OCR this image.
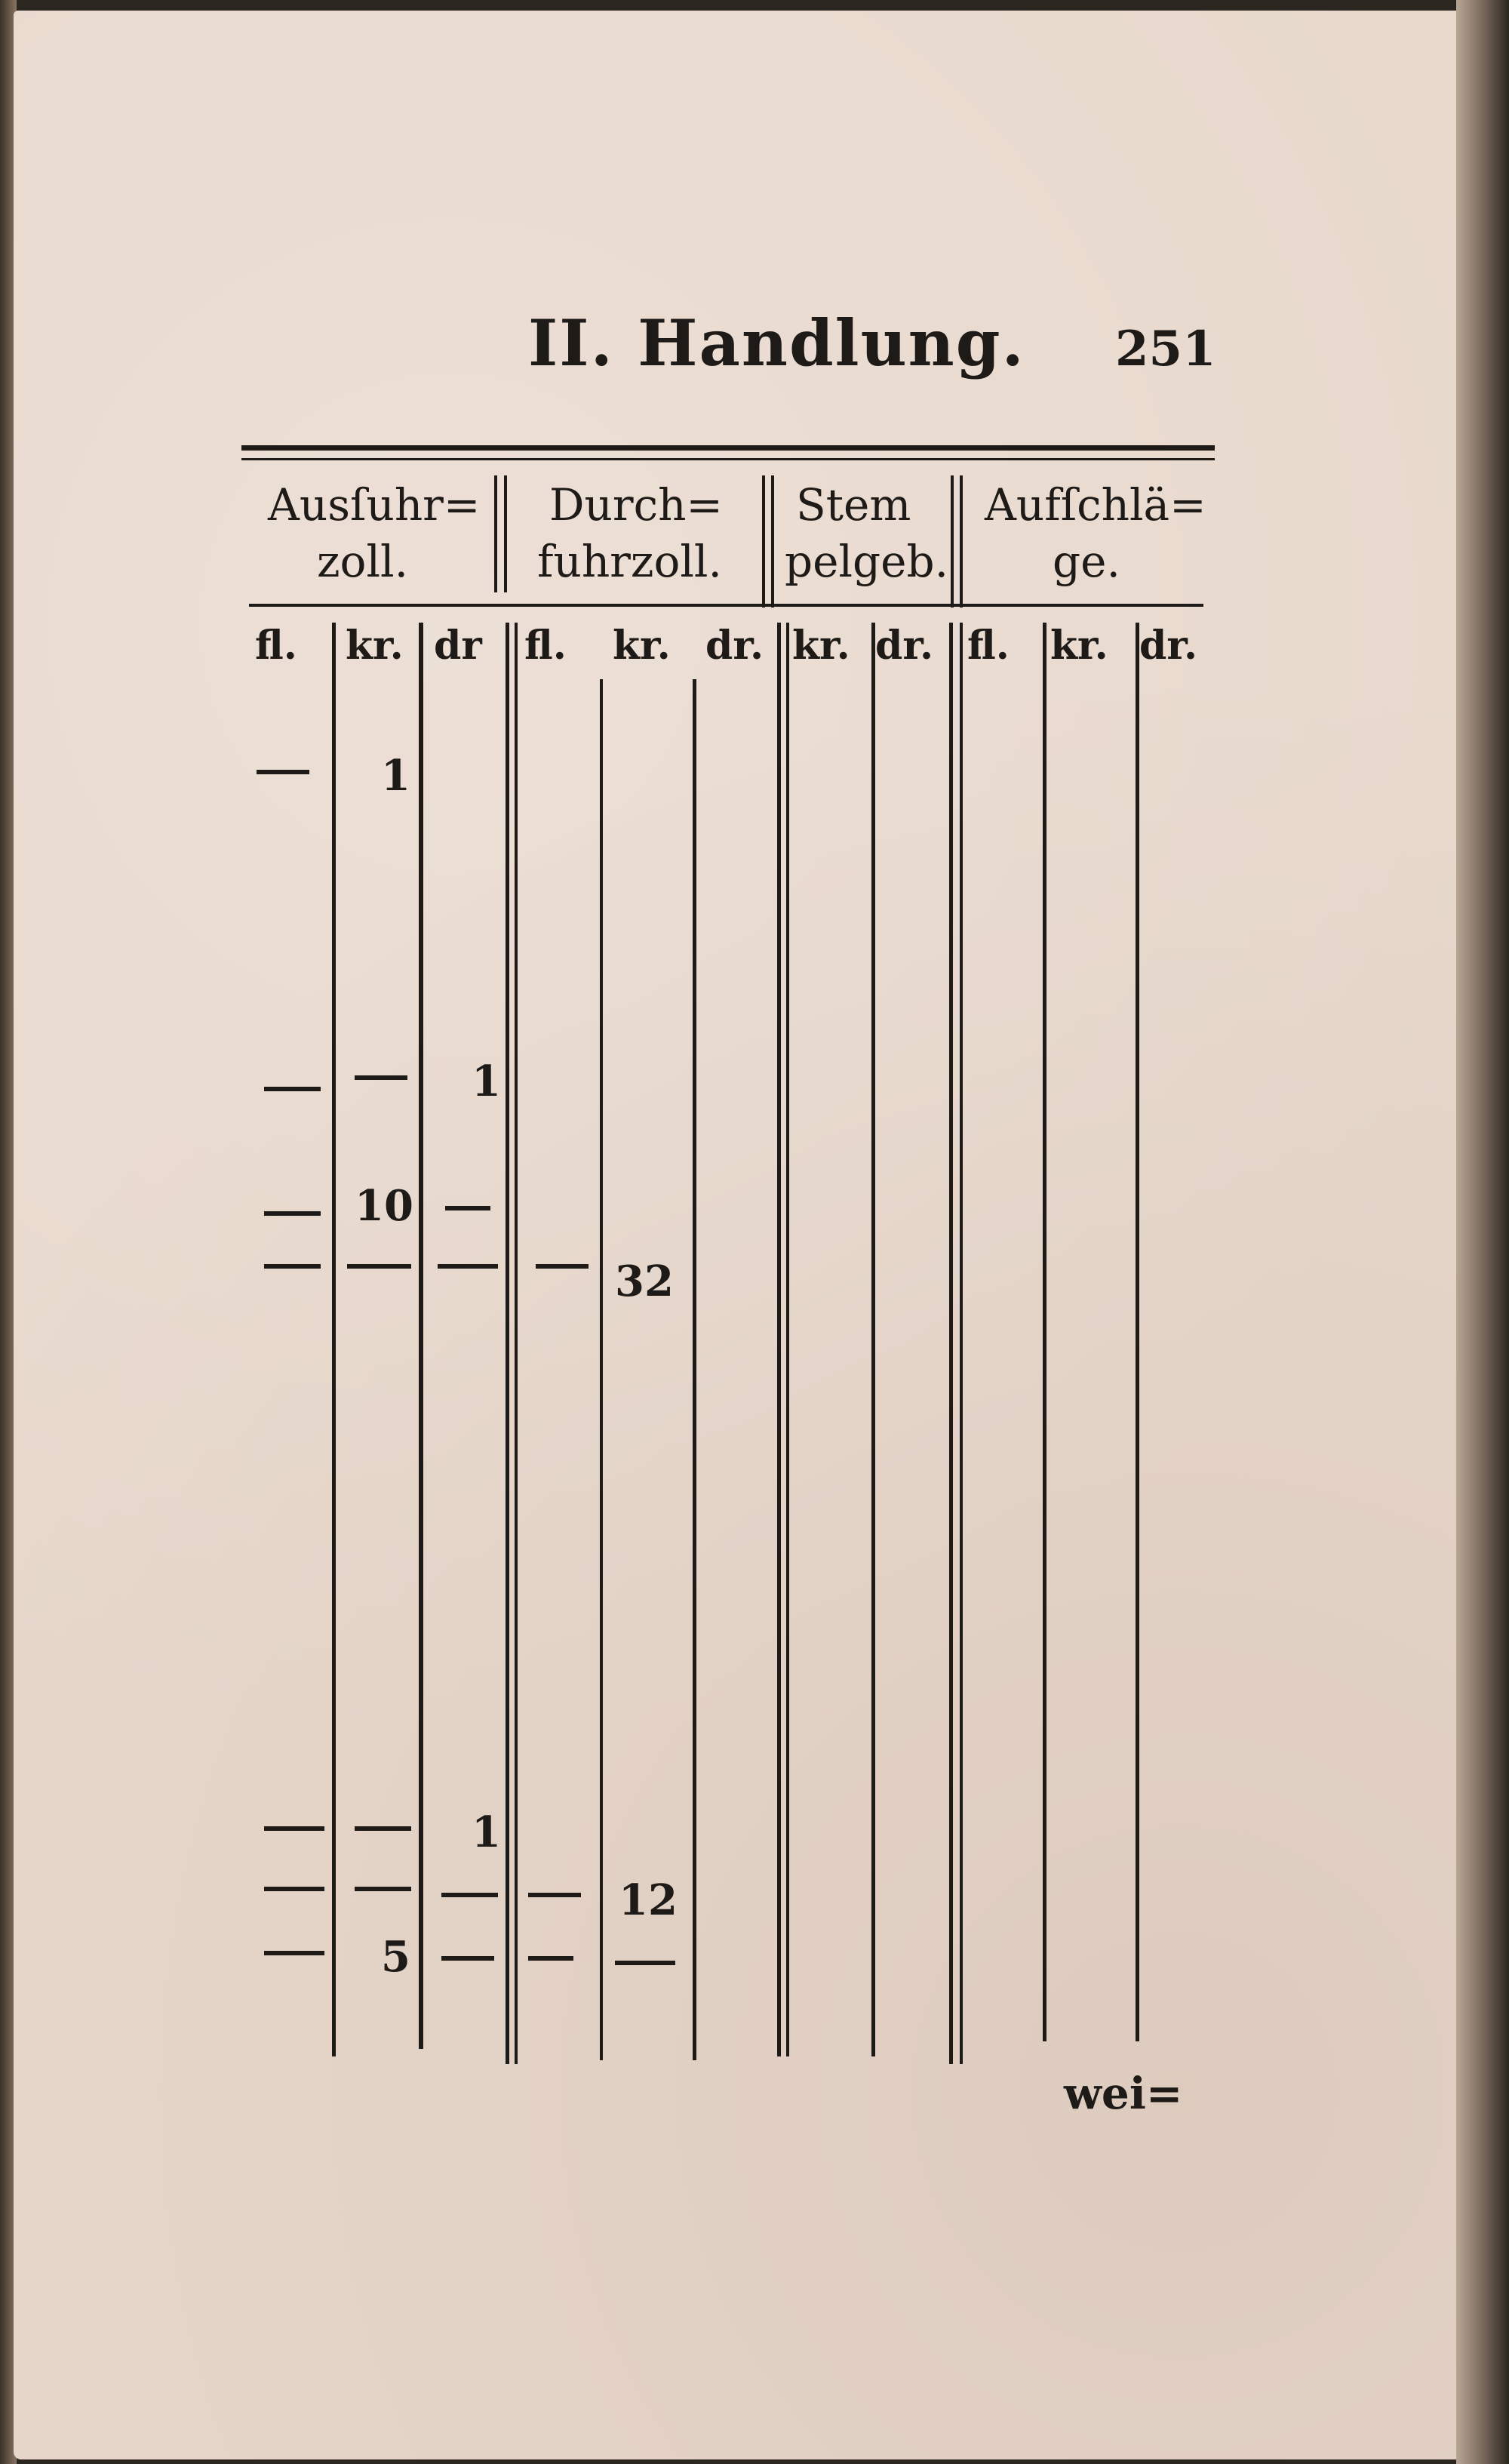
II. Handlung. 251
Ausſuhr=
zoll.
Durch=
fuhrzoll.
Stem
pelgeb.
Aufſchlä=
ge.
fl. kr. dr fl. kr. dr. kr. dr. fl. kr. dr.
1
1
10
32
1
12
5
wei=
